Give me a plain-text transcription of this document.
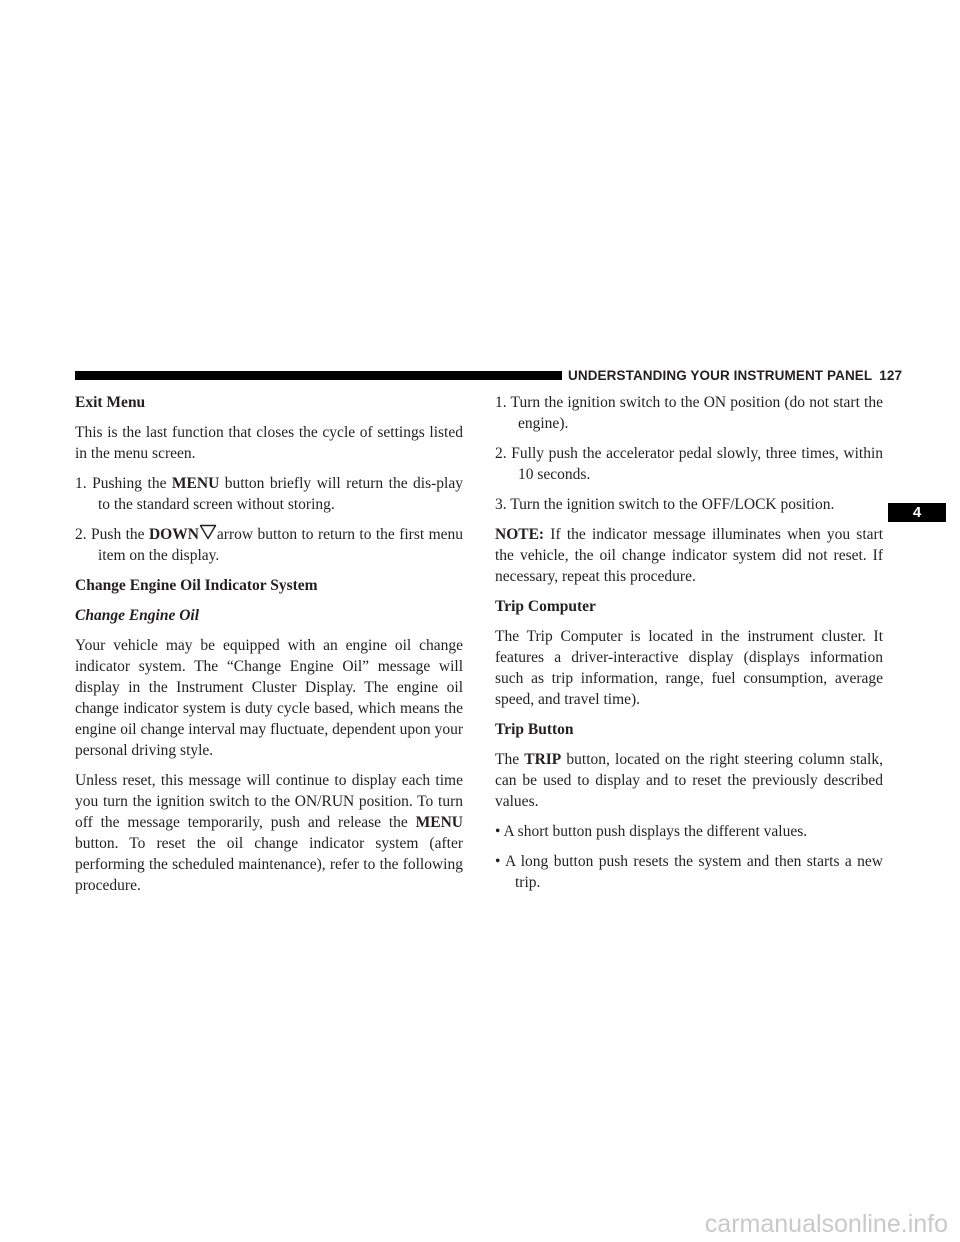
UNDERSTANDING YOUR INSTRUMENT PANEL 127
4
Exit Menu

This is the last function that closes the cycle of settings listed in the menu screen.

1. Pushing the MENU button briefly will return the dis-play to the standard screen without storing.
2. Push the DOWN arrow button to return to the first menu item on the display.
Change Engine Oil Indicator System
Change Engine Oil

Your vehicle may be equipped with an engine oil change indicator system. The “Change Engine Oil” message will display in the Instrument Cluster Display. The engine oil change indicator system is duty cycle based, which means the engine oil change interval may fluctuate, dependent upon your personal driving style.

Unless reset, this message will continue to display each time you turn the ignition switch to the ON/RUN position. To turn off the message temporarily, push and release the MENU button. To reset the oil change indicator system (after performing the scheduled maintenance), refer to the following procedure.

1. Turn the ignition switch to the ON position (do not start the engine).
2. Fully push the accelerator pedal slowly, three times, within 10 seconds.
3. Turn the ignition switch to the OFF/LOCK position.

NOTE: If the indicator message illuminates when you start the vehicle, the oil change indicator system did not reset. If necessary, repeat this procedure.

Trip Computer

The Trip Computer is located in the instrument cluster. It features a driver-interactive display (displays information such as trip information, range, fuel consumption, average speed, and travel time).

Trip Button

The TRIP button, located on the right steering column stalk, can be used to display and to reset the previously described values.

• A short button push displays the different values.
• A long button push resets the system and then starts a new trip.
carmanualsonline.info
